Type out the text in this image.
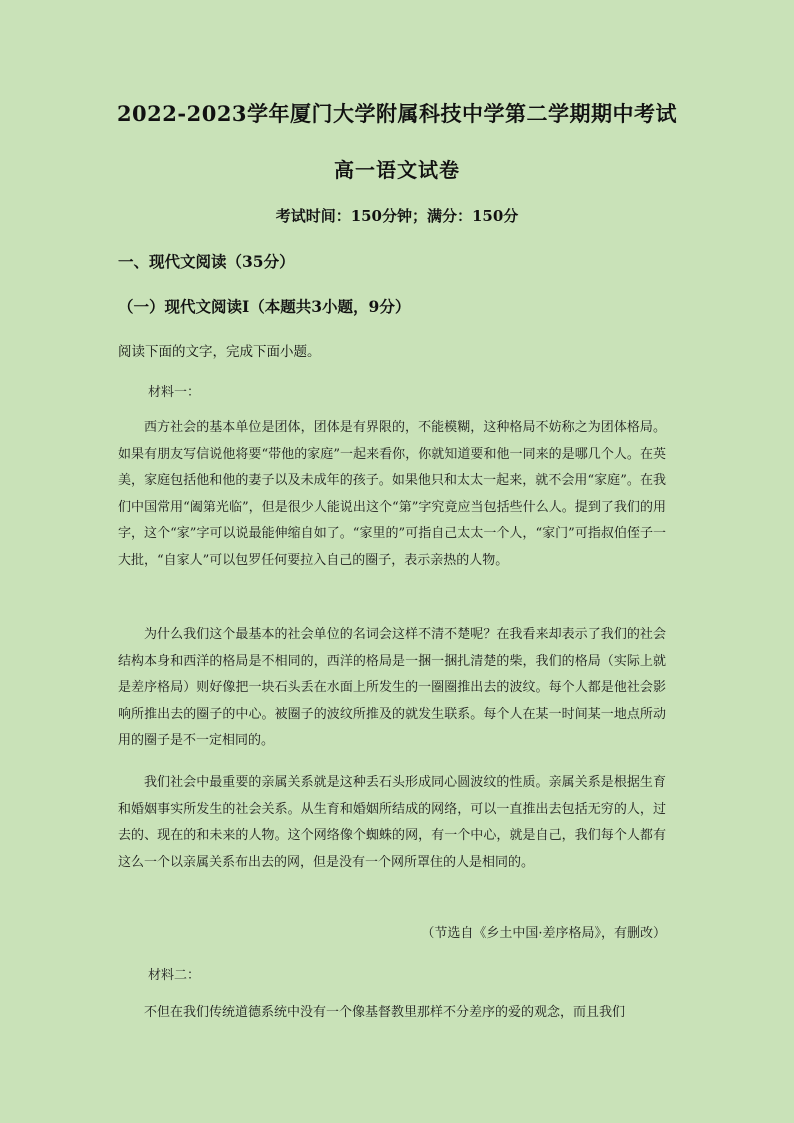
2022-2023学年厦门大学附属科技中学第二学期期中考试
高一语文试卷
考试时间：150分钟；满分：150分
一、现代文阅读（35分）
（一）现代文阅读Ⅰ（本题共3小题，9分）
阅读下面的文字，完成下面小题。
材料一：

西方社会的基本单位是团体，团体是有界限的，不能模糊，这种格局不妨称之为团体格局。如果有朋友写信说他将要“带他的家庭”一起来看你，你就知道要和他一同来的是哪几个人。在英美，家庭包括他和他的妻子以及未成年的孩子。如果他只和太太一起来，就不会用“家庭”。在我们中国常用“阖第光临”，但是很少人能说出这个“第”字究竟应当包括些什么人。提到了我们的用字，这个“家”字可以说最能伸缩自如了。“家里的”可指自己太太一个人，“家门”可指叔伯侄子一大批，“自家人”可以包罗任何要拉入自己的圈子，表示亲热的人物。

为什么我们这个最基本的社会单位的名词会这样不清不楚呢？在我看来却表示了我们的社会结构本身和西洋的格局是不相同的，西洋的格局是一捆一捆扎清楚的柴，我们的格局（实际上就是差序格局）则好像把一块石头丢在水面上所发生的一圈圈推出去的波纹。每个人都是他社会影响所推出去的圈子的中心。被圈子的波纹所推及的就发生联系。每个人在某一时间某一地点所动用的圈子是不一定相同的。

我们社会中最重要的亲属关系就是这种丢石头形成同心圆波纹的性质。亲属关系是根据生育和婚姻事实所发生的社会关系。从生育和婚姻所结成的网络，可以一直推出去包括无穷的人，过去的、现在的和未来的人物。这个网络像个蜘蛛的网，有一个中心，就是自己，我们每个人都有这么一个以亲属关系布出去的网，但是没有一个网所罩住的人是相同的。

（节选自《乡土中国·差序格局》，有删改）
材料二：

不但在我们传统道德系统中没有一个像基督教里那样不分差序的爱的观念，而且我们
